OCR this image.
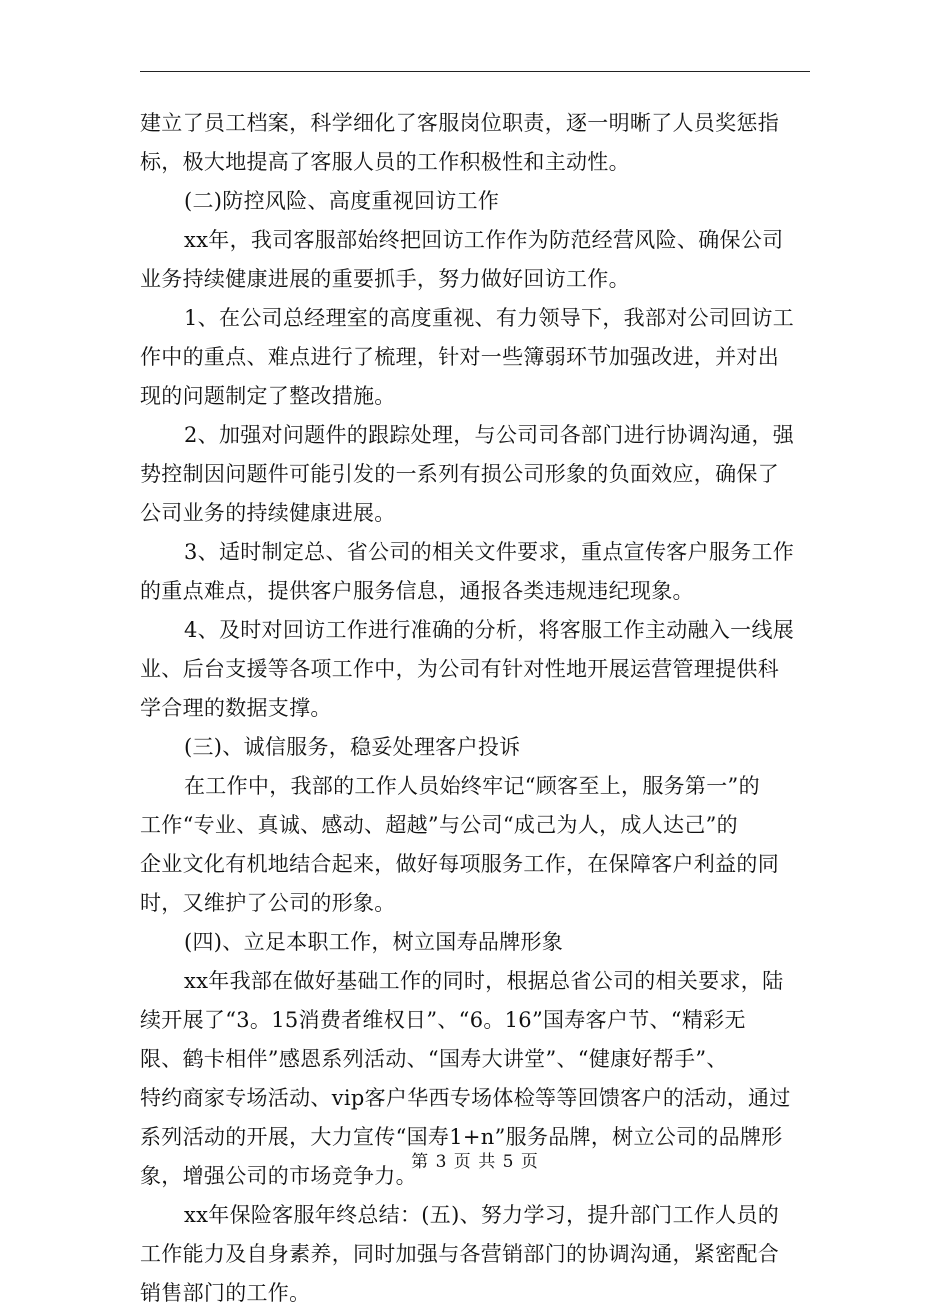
建立了员工档案，科学细化了客服岗位职责，逐一明晰了人员奖惩指
标，极大地提高了客服人员的工作积极性和主动性。
(二)防控风险、高度重视回访工作
xx年，我司客服部始终把回访工作作为防范经营风险、确保公司
业务持续健康进展的重要抓手，努力做好回访工作。
1、在公司总经理室的高度重视、有力领导下，我部对公司回访工
作中的重点、难点进行了梳理，针对一些簿弱环节加强改进，并对出
现的问题制定了整改措施。
2、加强对问题件的跟踪处理，与公司司各部门进行协调沟通，强
势控制因问题件可能引发的一系列有损公司形象的负面效应，确保了
公司业务的持续健康进展。
3、适时制定总、省公司的相关文件要求，重点宣传客户服务工作
的重点难点，提供客户服务信息，通报各类违规违纪现象。
4、及时对回访工作进行准确的分析，将客服工作主动融入一线展
业、后台支援等各项工作中，为公司有针对性地开展运营管理提供科
学合理的数据支撑。
(三)、诚信服务，稳妥处理客户投诉
在工作中，我部的工作人员始终牢记“顾客至上，服务第一”的
工作“专业、真诚、感动、超越”与公司“成己为人，成人达己”的
企业文化有机地结合起来，做好每项服务工作，在保障客户利益的同
时，又维护了公司的形象。
(四)、立足本职工作，树立国寿品牌形象
xx年我部在做好基础工作的同时，根据总省公司的相关要求，陆
续开展了“3。15消费者维权日”、“6。16”国寿客户节、“精彩无
限、鹤卡相伴”感恩系列活动、“国寿大讲堂”、“健康好帮手”、
特约商家专场活动、vip客户华西专场体检等等回馈客户的活动，通过
系列活动的开展，大力宣传“国寿1+n”服务品牌，树立公司的品牌形
象，增强公司的市场竞争力。
xx年保险客服年终总结：(五)、努力学习，提升部门工作人员的
工作能力及自身素养，同时加强与各营销部门的协调沟通，紧密配合
销售部门的工作。
第 3 页 共 5 页
